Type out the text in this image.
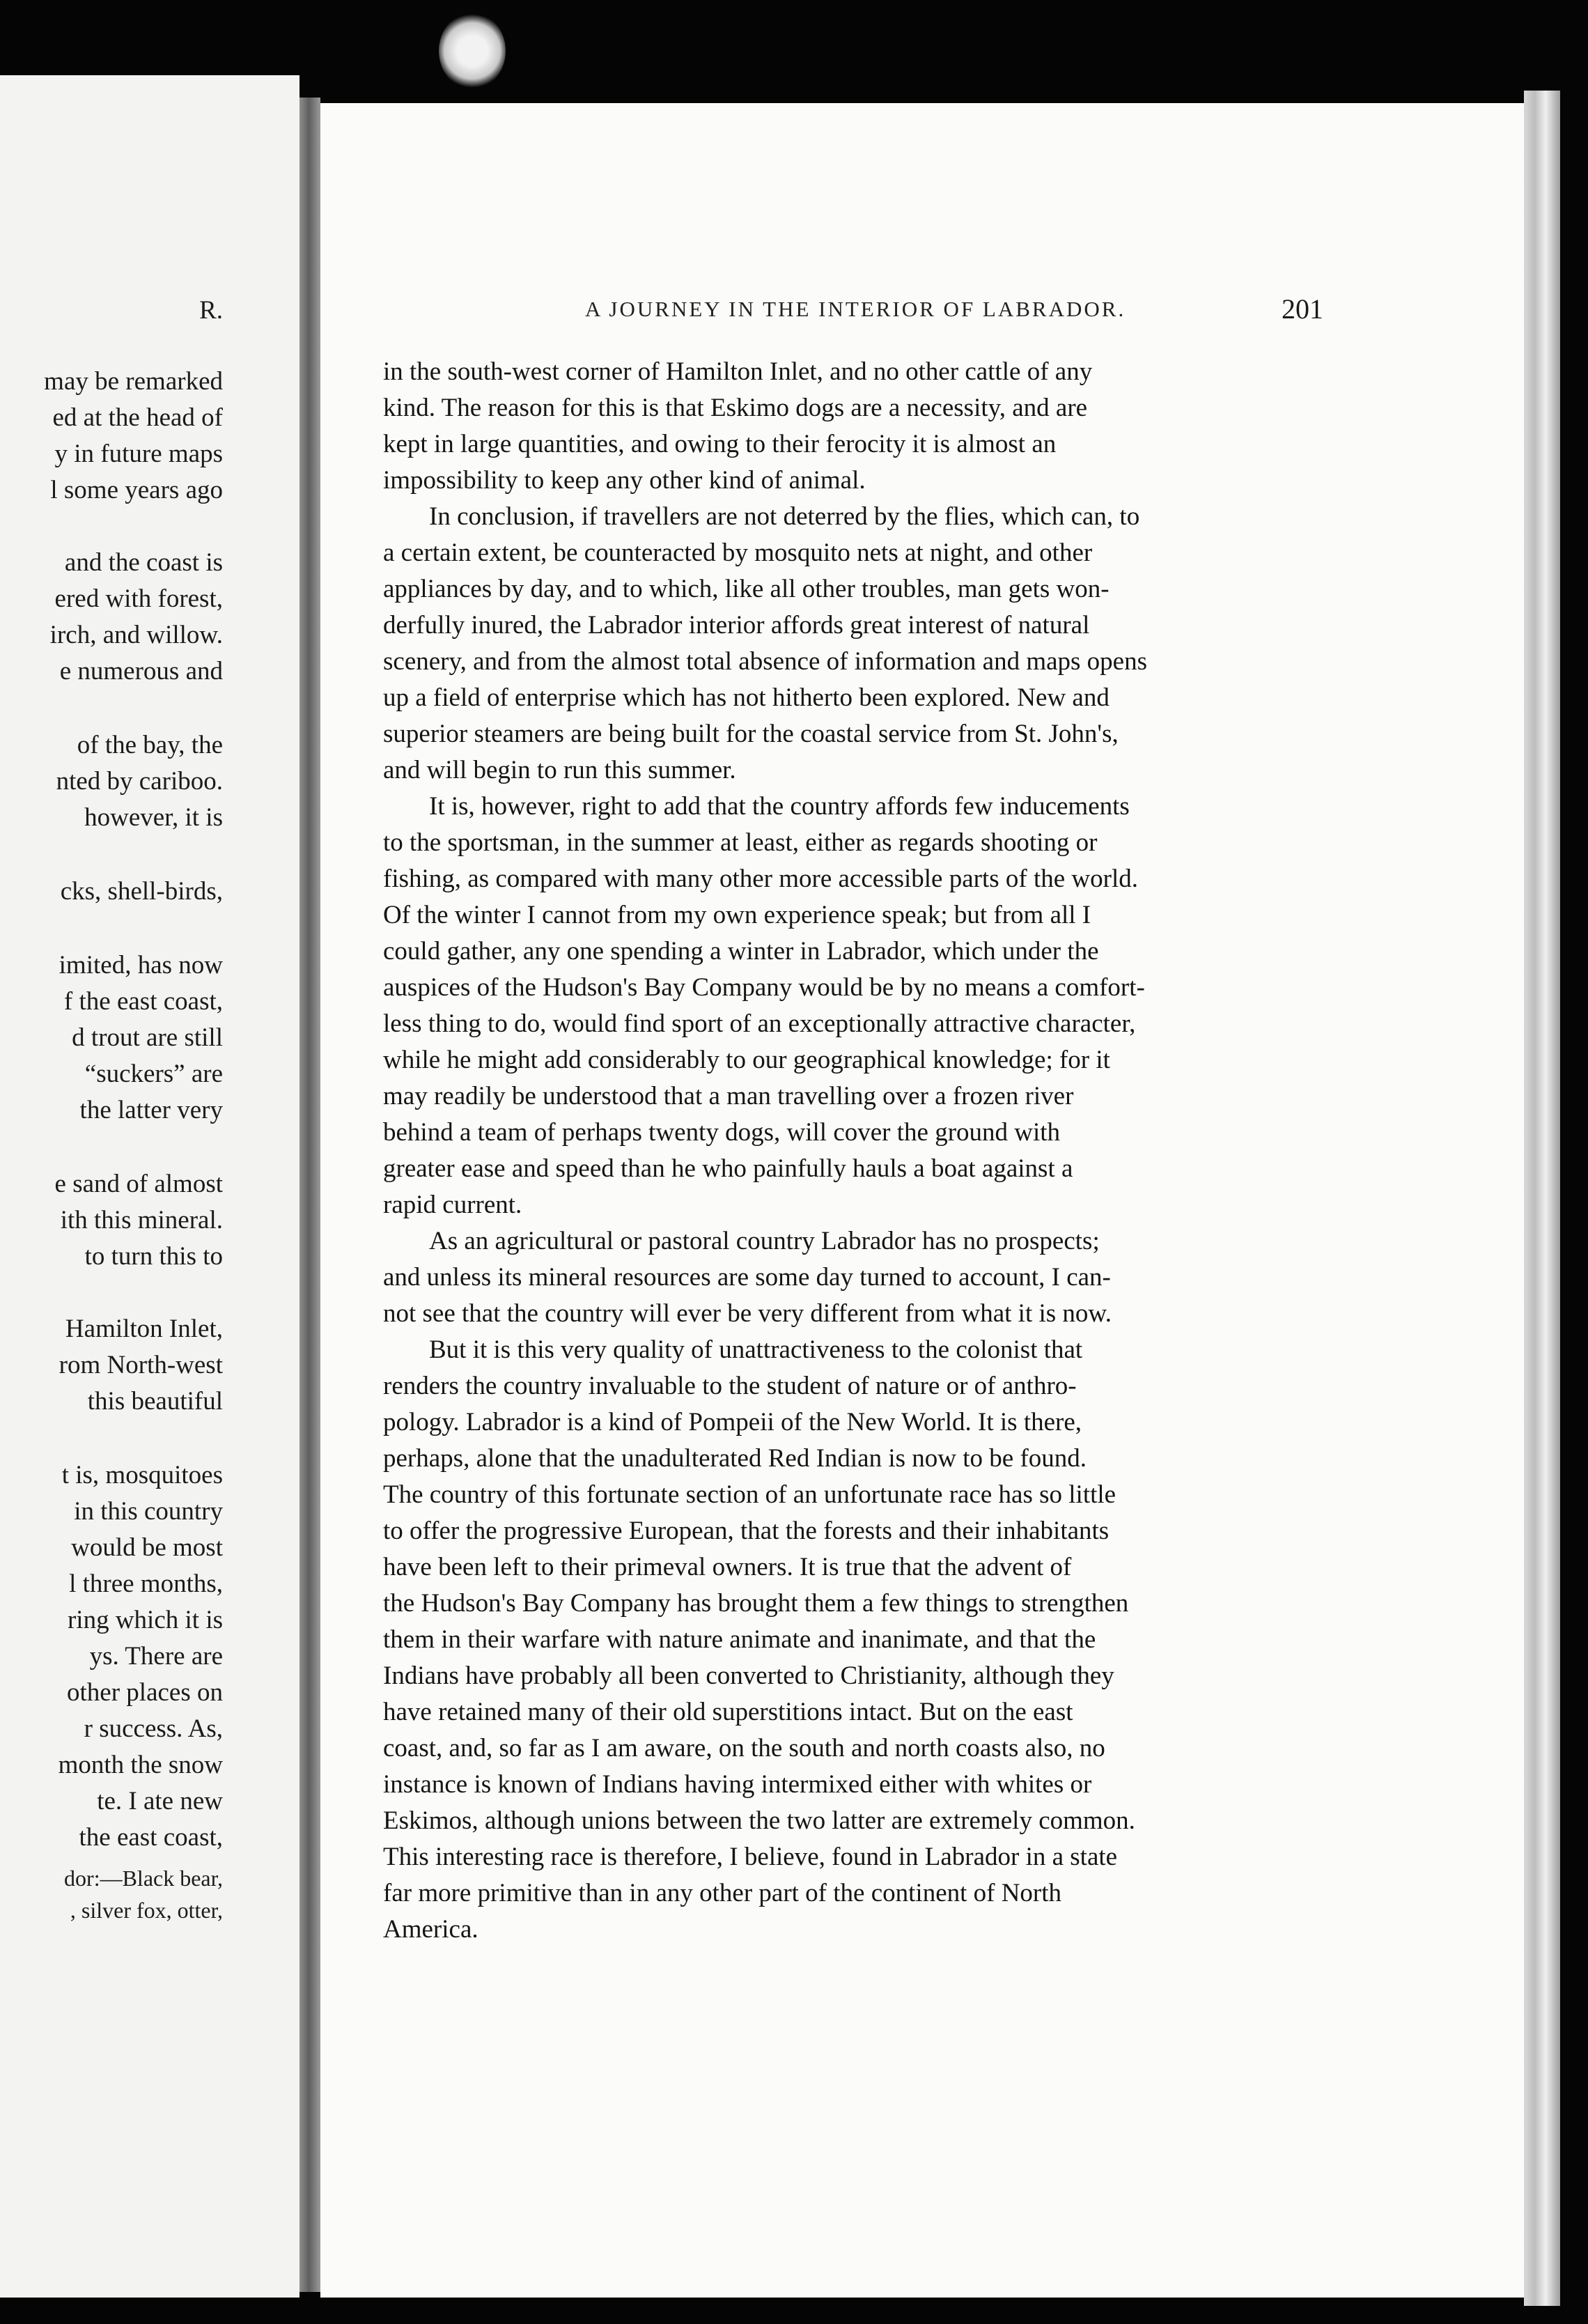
R.
may be remarked
ed at the head of
y in future maps
l some years ago
and the coast is
ered with forest,
irch, and willow.
e numerous and
of the bay, the
nted by cariboo.
however, it is
cks, shell-birds,
imited, has now
f the east coast,
d trout are still
“suckers” are
the latter very
e sand of almost
ith this mineral.
to turn this to
Hamilton Inlet,
rom North-west
this beautiful
t is, mosquitoes
in this country
would be most
l three months,
ring which it is
ys. There are
other places on
r success. As,
month the snow
te. I ate new
the east coast,
dor:—Black bear,
, silver fox, otter,
A JOURNEY IN THE INTERIOR OF LABRADOR.	201
in the south-west corner of Hamilton Inlet, and no other cattle of any
kind. The reason for this is that Eskimo dogs are a necessity, and are
kept in large quantities, and owing to their ferocity it is almost an
impossibility to keep any other kind of animal.
In conclusion, if travellers are not deterred by the flies, which can, to
a certain extent, be counteracted by mosquito nets at night, and other
appliances by day, and to which, like all other troubles, man gets won-
derfully inured, the Labrador interior affords great interest of natural
scenery, and from the almost total absence of information and maps opens
up a field of enterprise which has not hitherto been explored. New and
superior steamers are being built for the coastal service from St. John's,
and will begin to run this summer.
It is, however, right to add that the country affords few inducements
to the sportsman, in the summer at least, either as regards shooting or
fishing, as compared with many other more accessible parts of the world.
Of the winter I cannot from my own experience speak; but from all I
could gather, any one spending a winter in Labrador, which under the
auspices of the Hudson's Bay Company would be by no means a comfort-
less thing to do, would find sport of an exceptionally attractive character,
while he might add considerably to our geographical knowledge; for it
may readily be understood that a man travelling over a frozen river
behind a team of perhaps twenty dogs, will cover the ground with
greater ease and speed than he who painfully hauls a boat against a
rapid current.
As an agricultural or pastoral country Labrador has no prospects;
and unless its mineral resources are some day turned to account, I can-
not see that the country will ever be very different from what it is now.
But it is this very quality of unattractiveness to the colonist that
renders the country invaluable to the student of nature or of anthro-
pology. Labrador is a kind of Pompeii of the New World. It is there,
perhaps, alone that the unadulterated Red Indian is now to be found.
The country of this fortunate section of an unfortunate race has so little
to offer the progressive European, that the forests and their inhabitants
have been left to their primeval owners. It is true that the advent of
the Hudson's Bay Company has brought them a few things to strengthen
them in their warfare with nature animate and inanimate, and that the
Indians have probably all been converted to Christianity, although they
have retained many of their old superstitions intact. But on the east
coast, and, so far as I am aware, on the south and north coasts also, no
instance is known of Indians having intermixed either with whites or
Eskimos, although unions between the two latter are extremely common.
This interesting race is therefore, I believe, found in Labrador in a state
far more primitive than in any other part of the continent of North
America.
